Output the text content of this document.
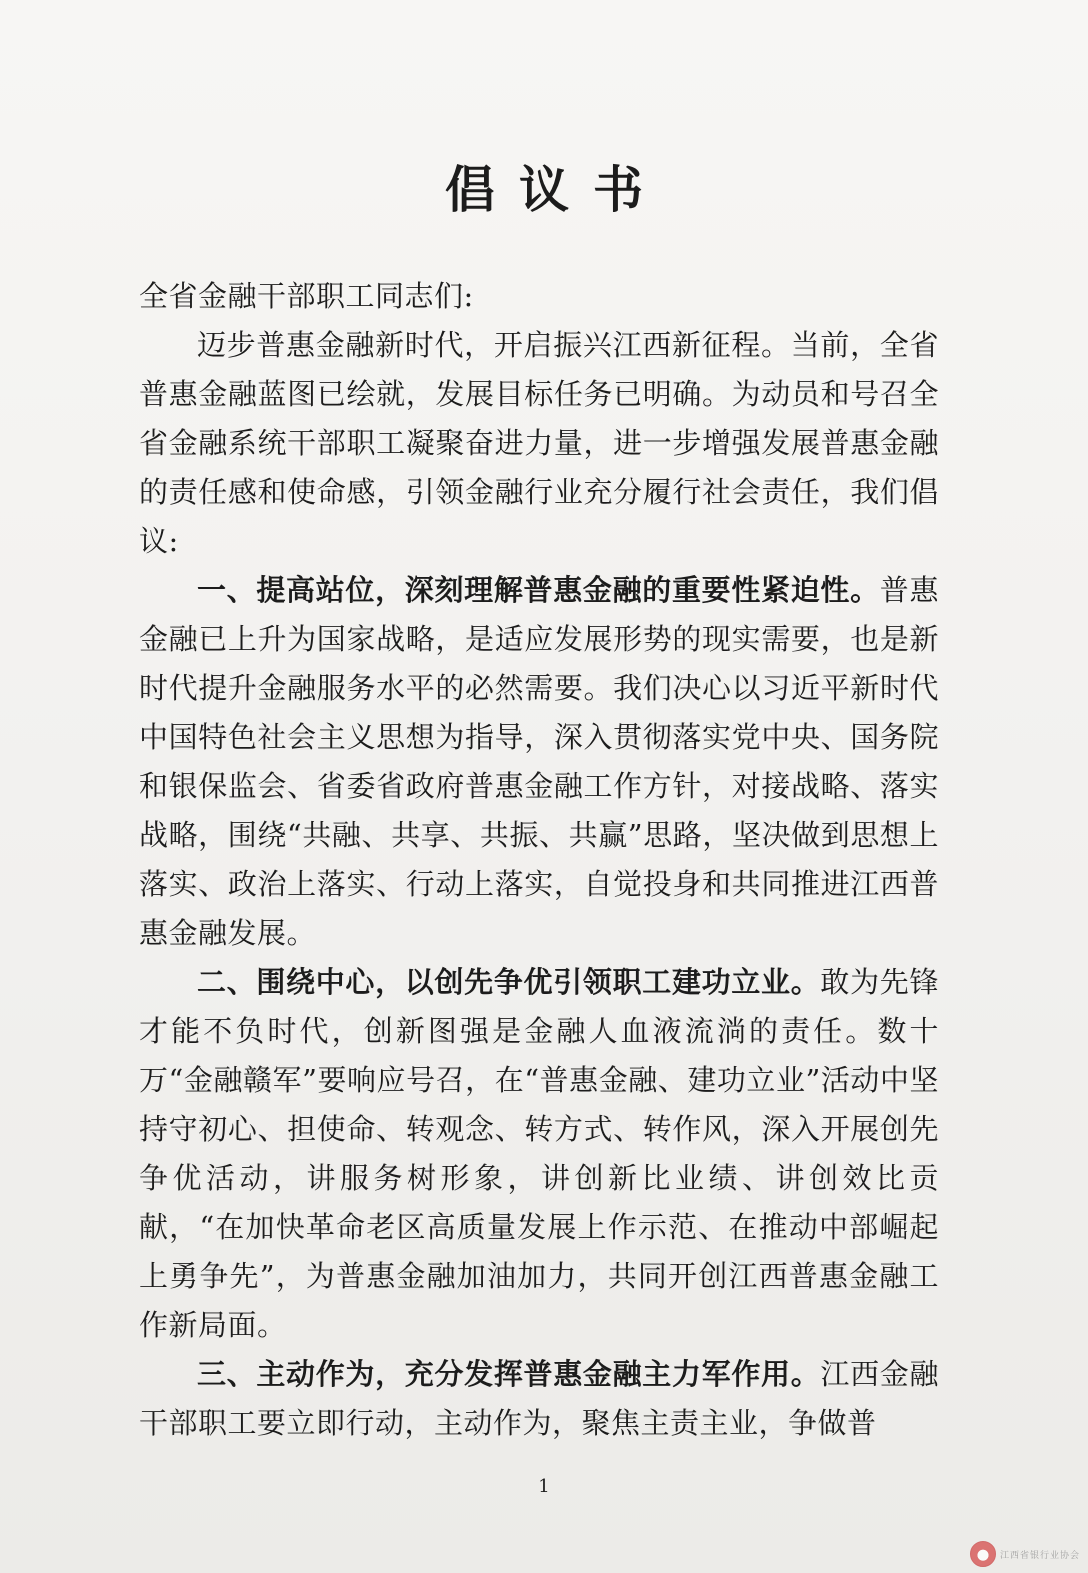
倡议书

全省金融干部职工同志们:

迈步普惠金融新时代，开启振兴江西新征程。当前，全省普惠金融蓝图已绘就，发展目标任务已明确。为动员和号召全省金融系统干部职工凝聚奋进力量，进一步增强发展普惠金融的责任感和使命感，引领金融行业充分履行社会责任，我们倡议:

一、提高站位，深刻理解普惠金融的重要性紧迫性。普惠金融已上升为国家战略，是适应发展形势的现实需要，也是新时代提升金融服务水平的必然需要。我们决心以习近平新时代中国特色社会主义思想为指导，深入贯彻落实党中央、国务院和银保监会、省委省政府普惠金融工作方针，对接战略、落实战略，围绕“共融、共享、共振、共赢”思路，坚决做到思想上落实、政治上落实、行动上落实，自觉投身和共同推进江西普惠金融发展。

二、围绕中心，以创先争优引领职工建功立业。敢为先锋才能不负时代，创新图强是金融人血液流淌的责任。数十万“金融赣军”要响应号召，在“普惠金融、建功立业”活动中坚持守初心、担使命、转观念、转方式、转作风，深入开展创先争优活动，讲服务树形象，讲创新比业绩、讲创效比贡献，“在加快革命老区高质量发展上作示范、在推动中部崛起上勇争先”，为普惠金融加油加力，共同开创江西普惠金融工作新局面。

三、主动作为，充分发挥普惠金融主力军作用。江西金融干部职工要立即行动，主动作为，聚焦主责主业，争做普

1
江西省银行业协会
